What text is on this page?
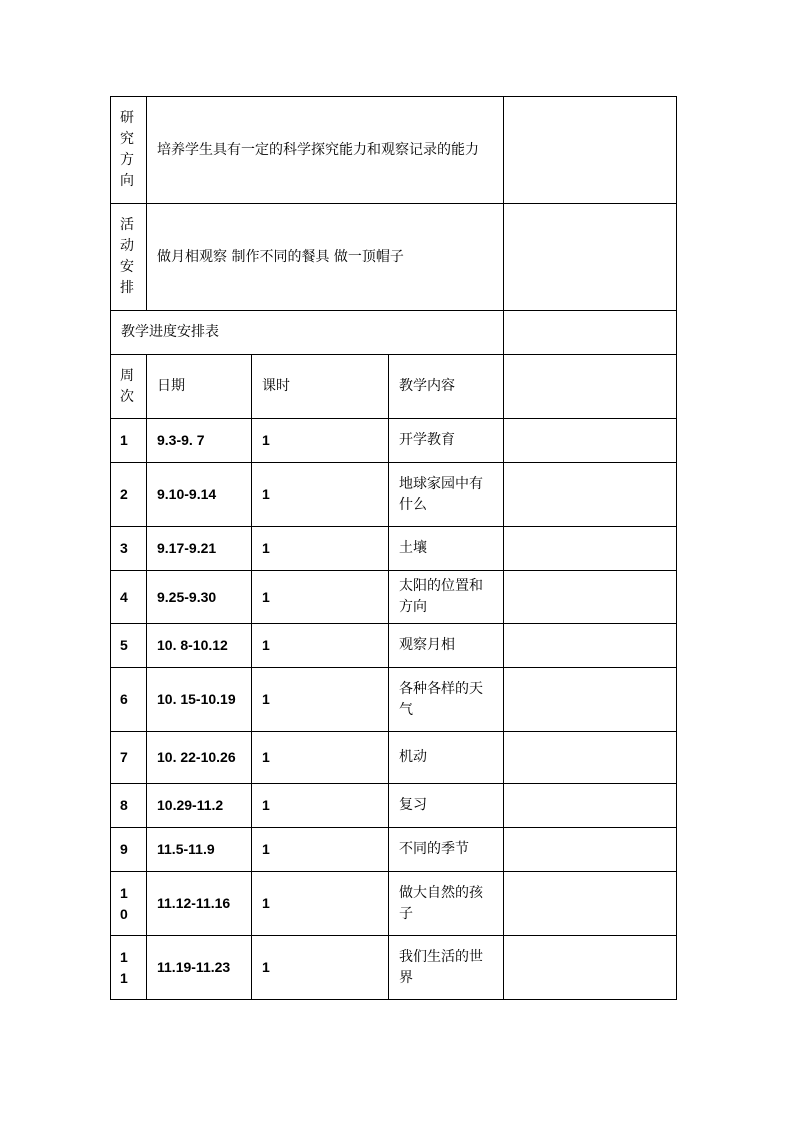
研究方向	培养学生具有一定的科学探究能力和观察记录的能力			

活动安排	做月相观察 制作不同的餐具 做一顶帽子			
教学进度安排表				

周次	日期	课时	教学内容	

1	9.3-9. 7	1	开学教育	

2	9.10-9.14	1	地球家园中有什么	

3	9.17-9.21	1	土壤	

4	9.25-9.30	1	太阳的位置和方向	

5	10. 8-10.12	1	观察月相	

6	10. 15-10.19	1	各种各样的天气	

7	10. 22-10.26	1	机动	

8	10.29-11.2	1	复习	

9	11.5-11.9	1	不同的季节	

10	11.12-11.16	1	做大自然的孩子	

11	11.19-11.23	1	我们生活的世界	
